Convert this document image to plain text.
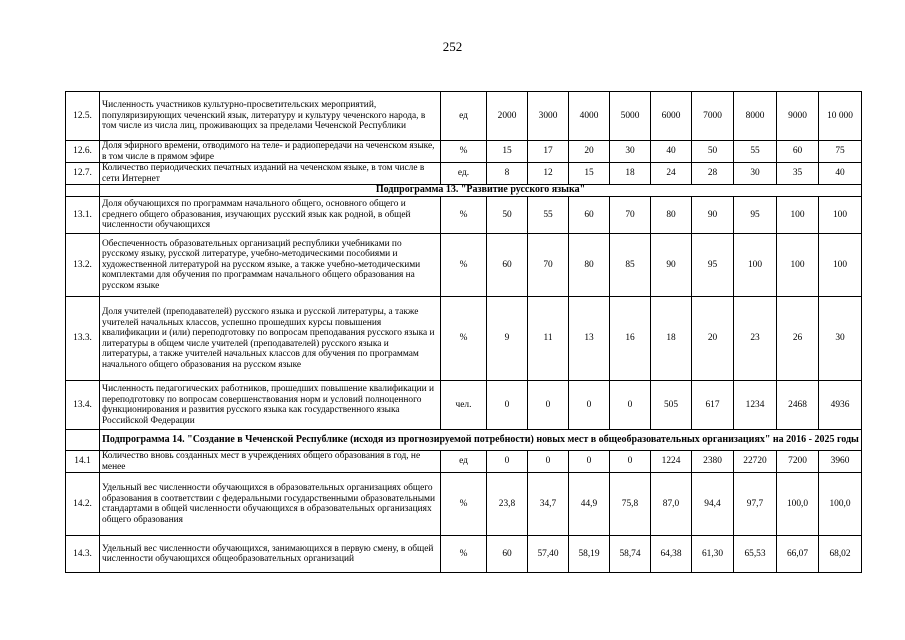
252
12.5.	Численность участников культурно-просветительских мероприятий, популяризирующих чеченский язык, литературу и культуру чеченского народа, в том числе из числа лиц, проживающих за пределами Чеченской Республики	ед	2000	3000	4000	5000	6000	7000	8000	9000	10 000
12.6.	Доля эфирного времени, отводимого на теле- и радиопередачи на чеченском языке, в том числе в прямом эфире	%	15	17	20	30	40	50	55	60	75
12.7.	Количество периодических печатных изданий на чеченском языке, в том числе в сети Интернет	ед.	8	12	15	18	24	28	30	35	40
	Подпрограмма 13. "Развитие русского языка"										
13.1.	Доля обучающихся по программам начального общего, основного общего и среднего общего образования, изучающих русский язык как родной, в общей численности обучающихся	%	50	55	60	70	80	90	95	100	100
13.2.	Обеспеченность образовательных организаций республики учебниками по русскому языку, русской литературе, учебно-методическими пособиями и художественной литературой на русском языке, а также учебно-методическими комплектами для обучения по программам начального общего образования на русском языке	%	60	70	80	85	90	95	100	100	100
13.3.	Доля учителей (преподавателей) русского языка и русской литературы, а также учителей начальных классов, успешно прошедших курсы повышения квалификации и (или) переподготовку по вопросам преподавания русского языка и литературы в общем числе учителей (преподавателей) русского языка и литературы, а также учителей начальных классов для обучения по программам начального общего образования на русском языке	%	9	11	13	16	18	20	23	26	30
13.4.	Численность педагогических работников, прошедших повышение квалификации и переподготовку по вопросам совершенствования норм и условий полноценного функционирования и развития русского языка как государственного языка Российской Федерации	чел.	0	0	0	0	505	617	1234	2468	4936
	Подпрограмма 14. "Создание в Чеченской Республике (исходя из прогнозируемой потребности) новых мест в общеобразовательных организациях" на 2016 - 2025 годы										
14.1	Количество вновь созданных мест в учреждениях общего образования в год, не менее	ед	0	0	0	0	1224	2380	22720	7200	3960
14.2.	Удельный вес численности обучающихся в образовательных организациях общего образования в соответствии с федеральными государственными образовательными стандартами в общей численности обучающихся в образовательных организациях общего образования	%	23,8	34,7	44,9	75,8	87,0	94,4	97,7	100,0	100,0
14.3.	Удельный вес численности обучающихся, занимающихся в первую смену, в общей численности обучающихся общеобразовательных организаций	%	60	57,40	58,19	58,74	64,38	61,30	65,53	66,07	68,02
